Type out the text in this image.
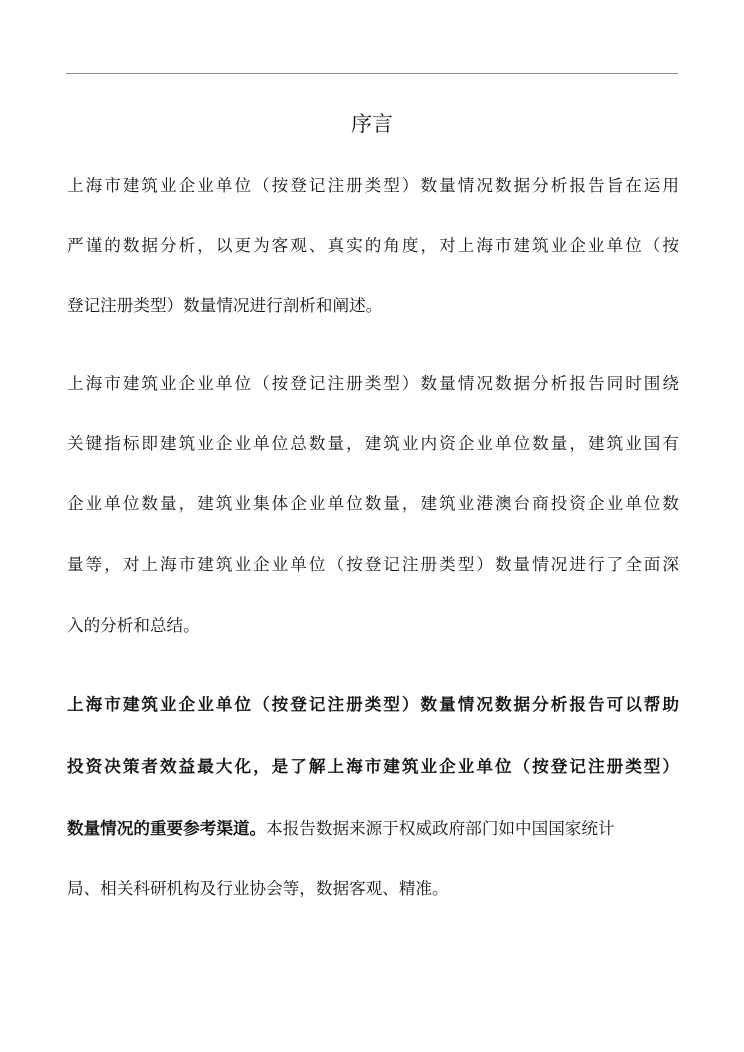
序言
上海市建筑业企业单位（按登记注册类型）数量情况数据分析报告旨在运用
严谨的数据分析，以更为客观、真实的角度，对上海市建筑业企业单位（按
登记注册类型）数量情况进行剖析和阐述。
上海市建筑业企业单位（按登记注册类型）数量情况数据分析报告同时围绕
关键指标即建筑业企业单位总数量，建筑业内资企业单位数量，建筑业国有
企业单位数量，建筑业集体企业单位数量，建筑业港澳台商投资企业单位数
量等，对上海市建筑业企业单位（按登记注册类型）数量情况进行了全面深
入的分析和总结。
上海市建筑业企业单位（按登记注册类型）数量情况数据分析报告可以帮助
投资决策者效益最大化，是了解上海市建筑业企业单位（按登记注册类型）
数量情况的重要参考渠道。本报告数据来源于权威政府部门如中国国家统计
局、相关科研机构及行业协会等，数据客观、精准。
